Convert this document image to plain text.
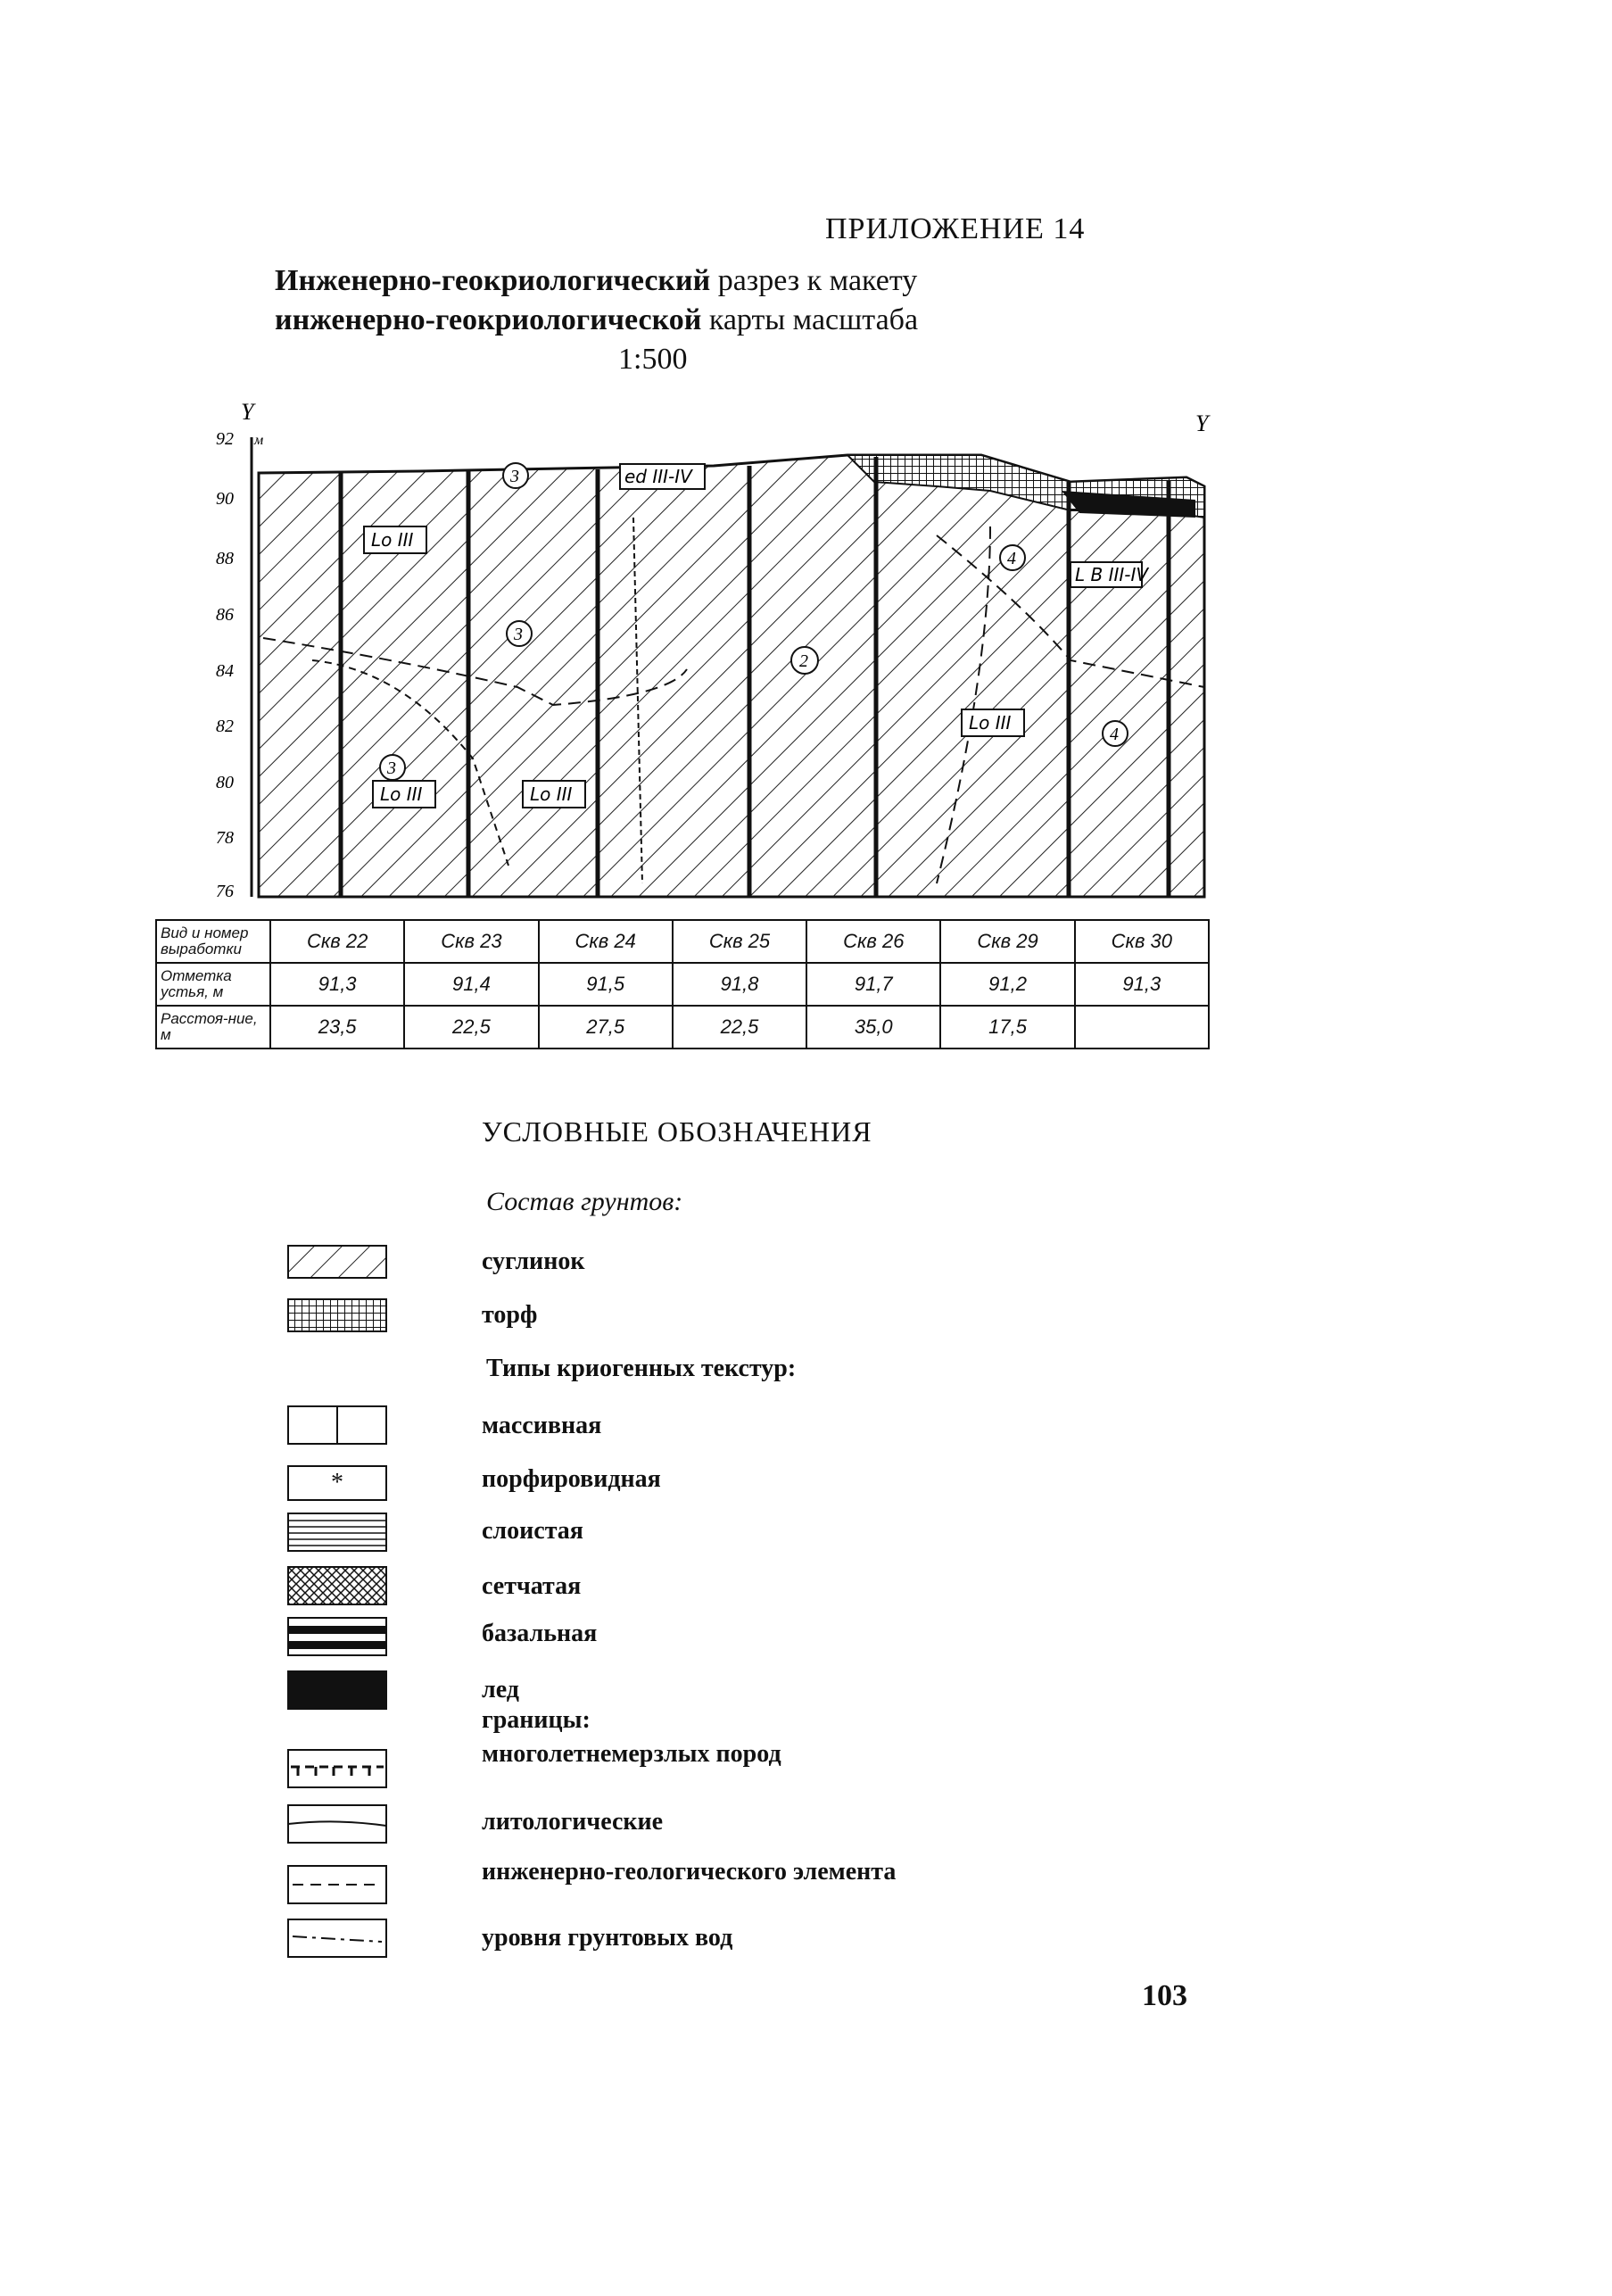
ПРИЛОЖЕНИЕ 14
Инженерно-геокриологический разрез к макету
инженерно-геокриологической карты масштаба
1:500
Y	Y
м
92
90
88
86
84
82
80
78
76
Lo III
Lo III	Lo III
Lo III
ed III-IV
L B III-IV
3
3
3
2
4
4
Вид и номер выработки	Скв 22	Скв 23	Скв 24	Скв 25	Скв 26	Скв 29	Скв 30
Отметка устья, м	91,3	91,4	91,5	91,8	91,7	91,2	91,3
Расстоя-ние, м	23,5	22,5	27,5	22,5	35,0	17,5	
УСЛОВНЫЕ ОБОЗНАЧЕНИЯ
Состав грунтов:
суглинок
торф
Типы криогенных текстур:
массивная
*	порфировидная
слоистая
сетчатая
базальная
лед
границы:
многолетнемерзлых пород
литологические
инженерно-геологического элемента
уровня грунтовых вод
103
